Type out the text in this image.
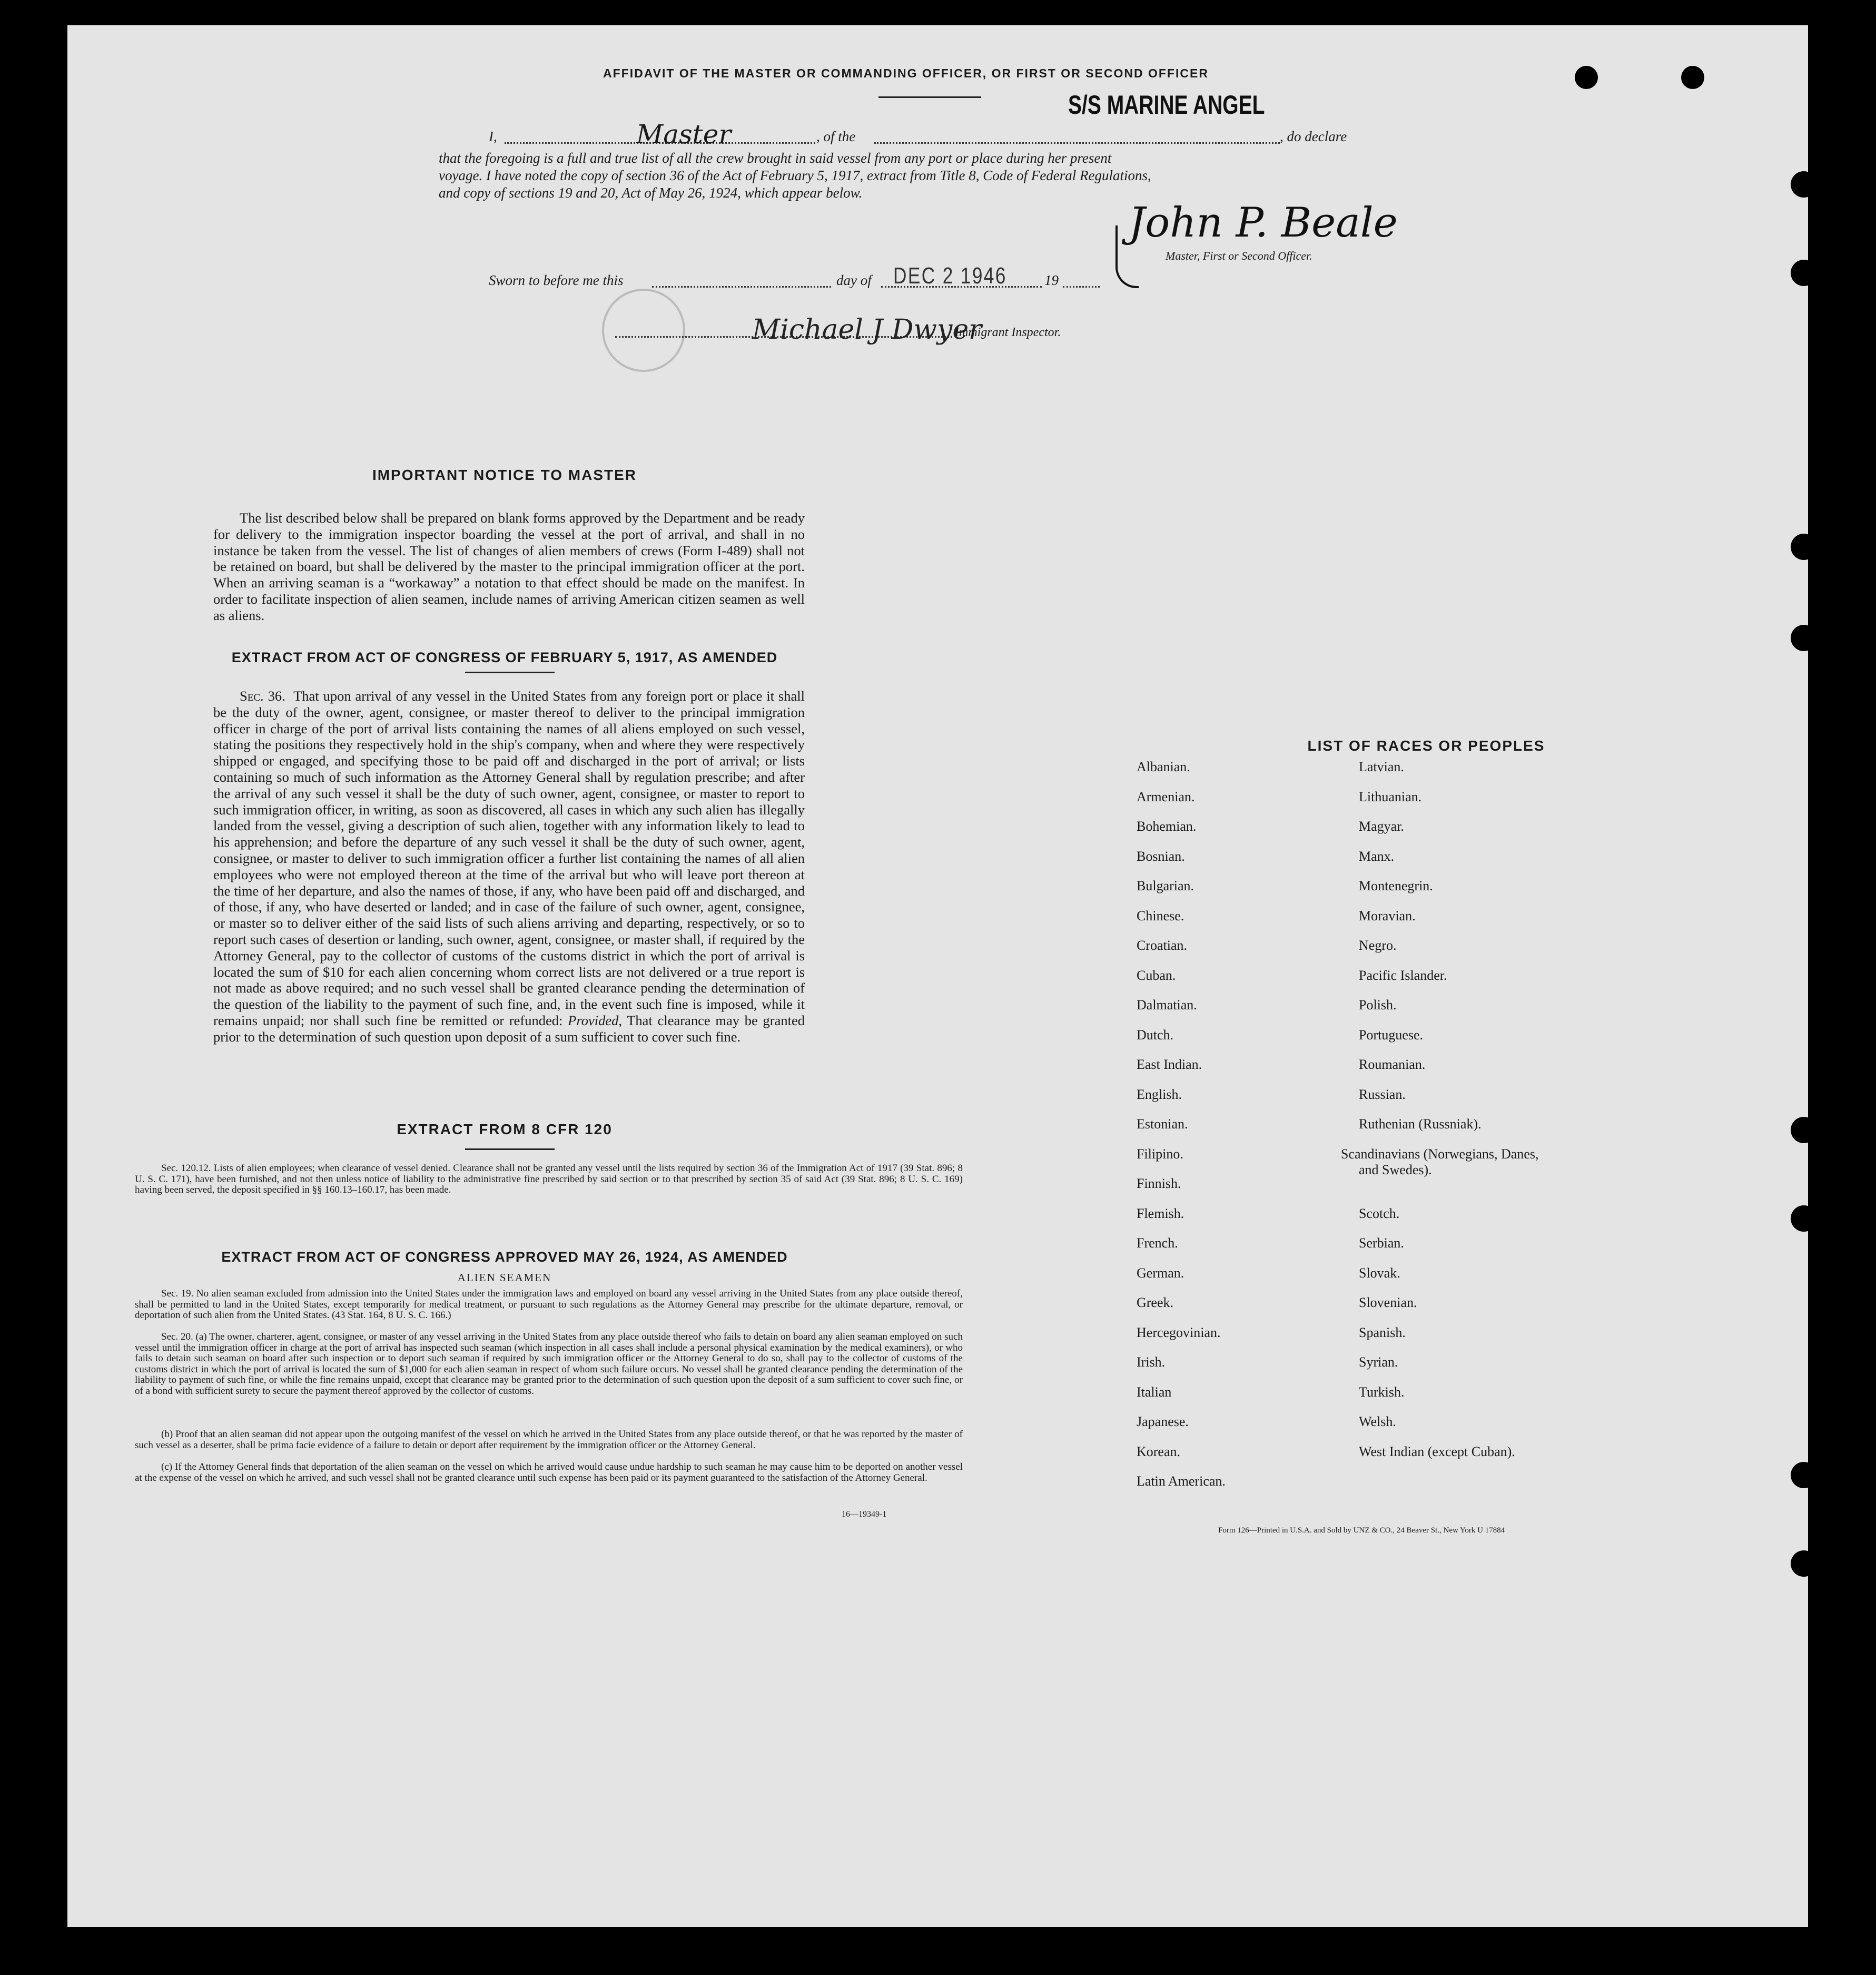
AFFIDAVIT OF THE MASTER OR COMMANDING OFFICER, OR FIRST OR SECOND OFFICER
S/S MARINE ANGEL
I,	Master	, of the	, do declare
that the foregoing is a full and true list of all the crew brought in said vessel from any port or place during her present
voyage. I have noted the copy of section 36 of the Act of February 5, 1917, extract from Title 8, Code of Federal Regulations,
and copy of sections 19 and 20, Act of May 26, 1924, which appear below.
John P. Beale
Master, First or Second Officer.
Sworn to before me this	day of DEC 2 1946	19
Michael J Dwyer
Immigrant Inspector.
IMPORTANT NOTICE TO MASTER
The list described below shall be prepared on blank forms approved by the Department and be ready for delivery to the immigration inspector boarding the vessel at the port of arrival, and shall in no instance be taken from the vessel. The list of changes of alien members of crews (Form I-489) shall not be retained on board, but shall be delivered by the master to the principal immigration officer at the port. When an arriving seaman is a “workaway” a notation to that effect should be made on the manifest. In order to facilitate inspection of alien seamen, include names of arriving American citizen seamen as well as aliens.
EXTRACT FROM ACT OF CONGRESS OF FEBRUARY 5, 1917, AS AMENDED
Sec. 36. That upon arrival of any vessel in the United States from any foreign port or place it shall be the duty of the owner, agent, consignee, or master thereof to deliver to the principal immigration officer in charge of the port of arrival lists containing the names of all aliens employed on such vessel, stating the positions they respectively hold in the ship's company, when and where they were respectively shipped or engaged, and specifying those to be paid off and discharged in the port of arrival; or lists containing so much of such information as the Attorney General shall by regulation prescribe; and after the arrival of any such vessel it shall be the duty of such owner, agent, consignee, or master to report to such immigration officer, in writing, as soon as discovered, all cases in which any such alien has illegally landed from the vessel, giving a description of such alien, together with any information likely to lead to his apprehension; and before the departure of any such vessel it shall be the duty of such owner, agent, consignee, or master to deliver to such immigration officer a further list containing the names of all alien employees who were not employed thereon at the time of the arrival but who will leave port thereon at the time of her departure, and also the names of those, if any, who have been paid off and discharged, and of those, if any, who have deserted or landed; and in case of the failure of such owner, agent, consignee, or master so to deliver either of the said lists of such aliens arriving and departing, respectively, or so to report such cases of desertion or landing, such owner, agent, consignee, or master shall, if required by the Attorney General, pay to the collector of customs of the customs district in which the port of arrival is located the sum of $10 for each alien concerning whom correct lists are not delivered or a true report is not made as above required; and no such vessel shall be granted clearance pending the determination of the question of the liability to the payment of such fine, and, in the event such fine is imposed, while it remains unpaid; nor shall such fine be remitted or refunded: Provided, That clearance may be granted prior to the determination of such question upon deposit of a sum sufficient to cover such fine.
EXTRACT FROM 8 CFR 120
Sec. 120.12. Lists of alien employees; when clearance of vessel denied. Clearance shall not be granted any vessel until the lists required by section 36 of the Immigration Act of 1917 (39 Stat. 896; 8 U. S. C. 171), have been furnished, and not then unless notice of liability to the administrative fine prescribed by said section or to that prescribed by section 35 of said Act (39 Stat. 896; 8 U. S. C. 169) having been served, the deposit specified in §§ 160.13–160.17, has been made.
EXTRACT FROM ACT OF CONGRESS APPROVED MAY 26, 1924, AS AMENDED
ALIEN SEAMEN
Sec. 19. No alien seaman excluded from admission into the United States under the immigration laws and employed on board any vessel arriving in the United States from any place outside thereof, shall be permitted to land in the United States, except temporarily for medical treatment, or pursuant to such regulations as the Attorney General may prescribe for the ultimate departure, removal, or deportation of such alien from the United States. (43 Stat. 164, 8 U. S. C. 166.)
Sec. 20. (a) The owner, charterer, agent, consignee, or master of any vessel arriving in the United States from any place outside thereof who fails to detain on board any alien seaman employed on such vessel until the immigration officer in charge at the port of arrival has inspected such seaman (which inspection in all cases shall include a personal physical examination by the medical examiners), or who fails to detain such seaman on board after such inspection or to deport such seaman if required by such immigration officer or the Attorney General to do so, shall pay to the collector of customs of the customs district in which the port of arrival is located the sum of $1,000 for each alien seaman in respect of whom such failure occurs. No vessel shall be granted clearance pending the determination of the liability to payment of such fine, or while the fine remains unpaid, except that clearance may be granted prior to the determination of such question upon the deposit of a sum sufficient to cover such fine, or of a bond with sufficient surety to secure the payment thereof approved by the collector of customs.
(b) Proof that an alien seaman did not appear upon the outgoing manifest of the vessel on which he arrived in the United States from any place outside thereof, or that he was reported by the master of such vessel as a deserter, shall be prima facie evidence of a failure to detain or deport after requirement by the immigration officer or the Attorney General.
(c) If the Attorney General finds that deportation of the alien seaman on the vessel on which he arrived would cause undue hardship to such seaman he may cause him to be deported on another vessel at the expense of the vessel on which he arrived, and such vessel shall not be granted clearance until such expense has been paid or its payment guaranteed to the satisfaction of the Attorney General.
16—19349-1
LIST OF RACES OR PEOPLES
Albanian.
Armenian.
Bohemian.
Bosnian.
Bulgarian.
Chinese.
Croatian.
Cuban.
Dalmatian.
Dutch.
East Indian.
English.
Estonian.
Filipino.
Finnish.
Flemish.
French.
German.
Greek.
Hercegovinian.
Irish.
Italian
Japanese.
Korean.
Latin American.
Latvian.
Lithuanian.
Magyar.
Manx.
Montenegrin.
Moravian.
Negro.
Pacific Islander.
Polish.
Portuguese.
Roumanian.
Russian.
Ruthenian (Russniak).
Scandinavians (Norwegians, Danes, and Swedes).
Scotch.
Serbian.
Slovak.
Slovenian.
Spanish.
Syrian.
Turkish.
Welsh.
West Indian (except Cuban).
Form 126—Printed in U.S.A. and Sold by UNZ & CO., 24 Beaver St., New York U 17884
